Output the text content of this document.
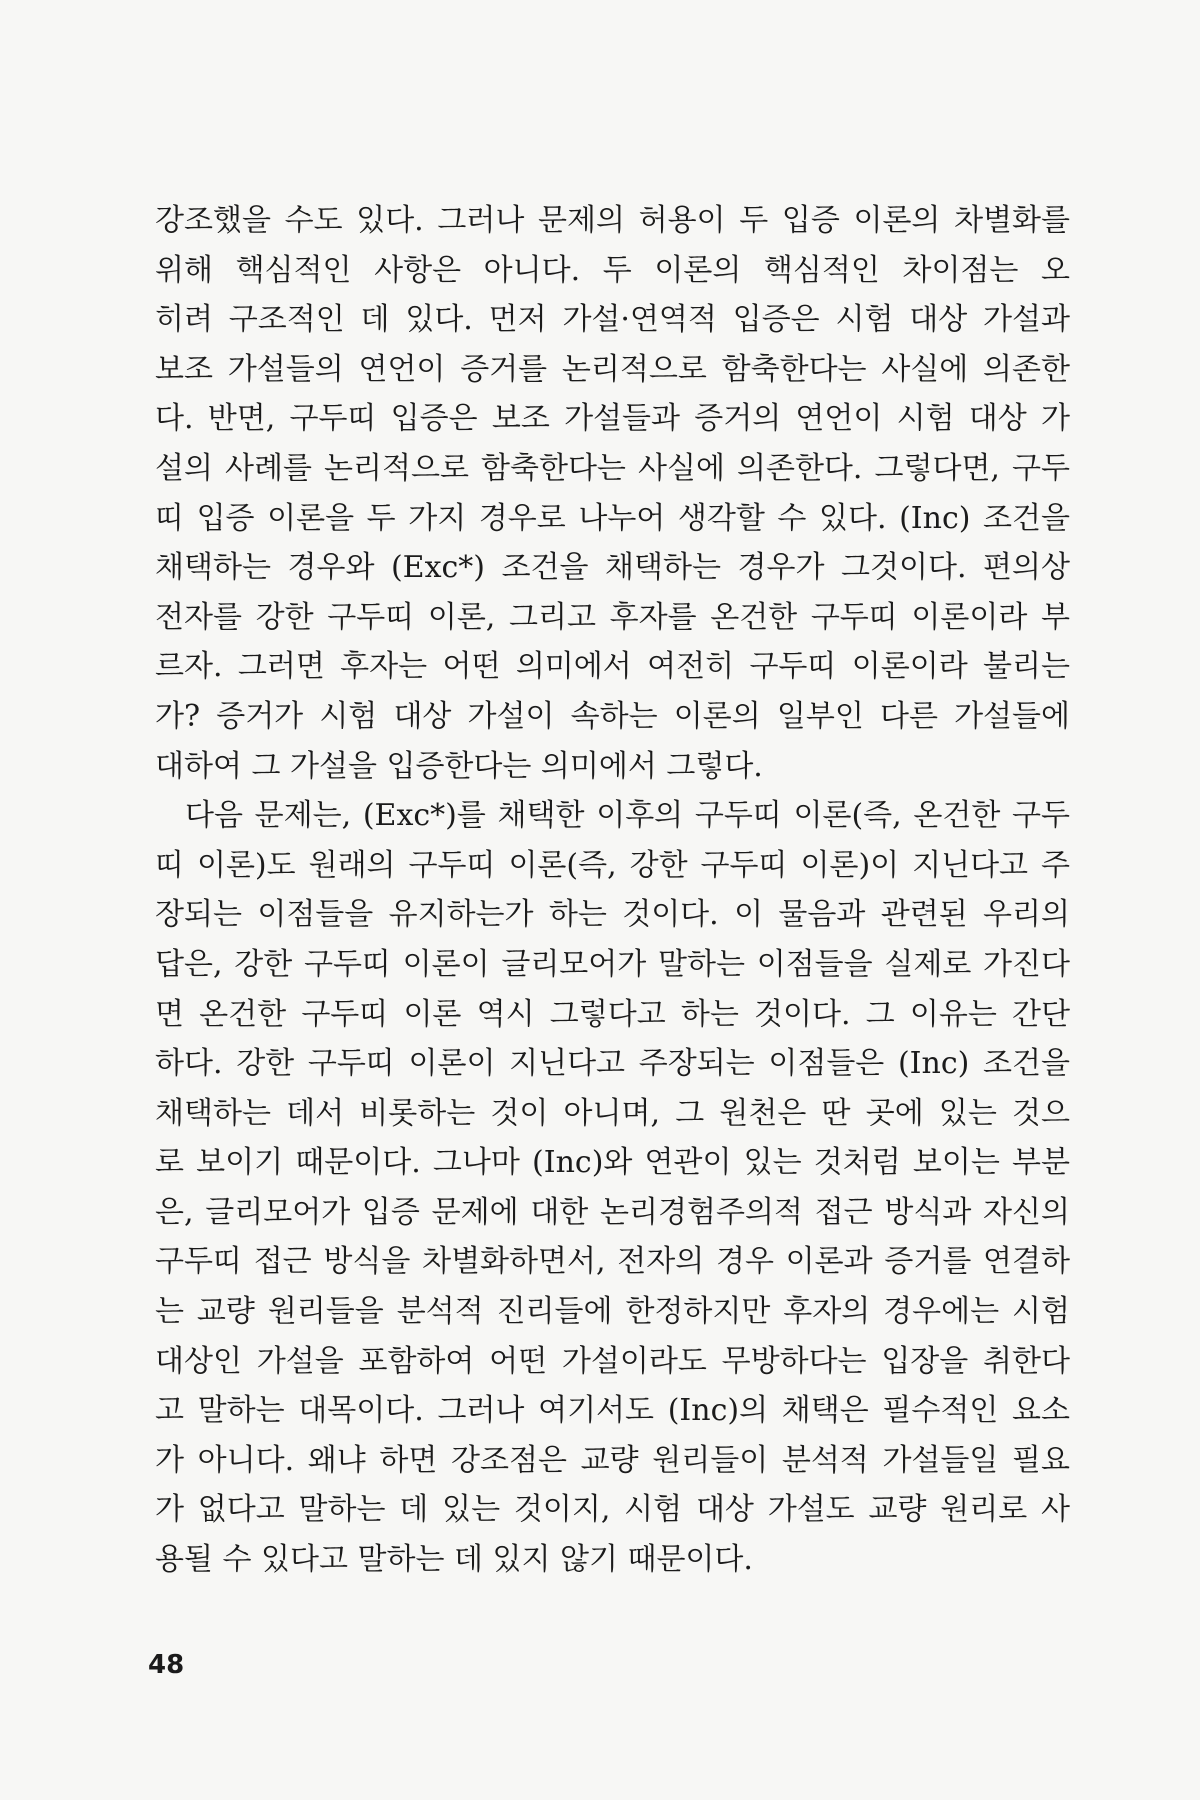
강조했을 수도 있다. 그러나 문제의 허용이 두 입증 이론의 차별화를
위해 핵심적인 사항은 아니다. 두 이론의 핵심적인 차이점는 오
히려 구조적인 데 있다. 먼저 가설·연역적 입증은 시험 대상 가설과
보조 가설들의 연언이 증거를 논리적으로 함축한다는 사실에 의존한
다. 반면, 구두띠 입증은 보조 가설들과 증거의 연언이 시험 대상 가
설의 사례를 논리적으로 함축한다는 사실에 의존한다. 그렇다면, 구두
띠 입증 이론을 두 가지 경우로 나누어 생각할 수 있다. (Inc) 조건을
채택하는 경우와 (Exc*) 조건을 채택하는 경우가 그것이다. 편의상
전자를 강한 구두띠 이론, 그리고 후자를 온건한 구두띠 이론이라 부
르자. 그러면 후자는 어떤 의미에서 여전히 구두띠 이론이라 불리는
가? 증거가 시험 대상 가설이 속하는 이론의 일부인 다른 가설들에
대하여 그 가설을 입증한다는 의미에서 그렇다.
다음 문제는, (Exc*)를 채택한 이후의 구두띠 이론(즉, 온건한 구두
띠 이론)도 원래의 구두띠 이론(즉, 강한 구두띠 이론)이 지닌다고 주
장되는 이점들을 유지하는가 하는 것이다. 이 물음과 관련된 우리의
답은, 강한 구두띠 이론이 글리모어가 말하는 이점들을 실제로 가진다
면 온건한 구두띠 이론 역시 그렇다고 하는 것이다. 그 이유는 간단
하다. 강한 구두띠 이론이 지닌다고 주장되는 이점들은 (Inc) 조건을
채택하는 데서 비롯하는 것이 아니며, 그 원천은 딴 곳에 있는 것으
로 보이기 때문이다. 그나마 (Inc)와 연관이 있는 것처럼 보이는 부분
은, 글리모어가 입증 문제에 대한 논리경험주의적 접근 방식과 자신의
구두띠 접근 방식을 차별화하면서, 전자의 경우 이론과 증거를 연결하
는 교량 원리들을 분석적 진리들에 한정하지만 후자의 경우에는 시험
대상인 가설을 포함하여 어떤 가설이라도 무방하다는 입장을 취한다
고 말하는 대목이다. 그러나 여기서도 (Inc)의 채택은 필수적인 요소
가 아니다. 왜냐 하면 강조점은 교량 원리들이 분석적 가설들일 필요
가 없다고 말하는 데 있는 것이지, 시험 대상 가설도 교량 원리로 사
용될 수 있다고 말하는 데 있지 않기 때문이다.
48
